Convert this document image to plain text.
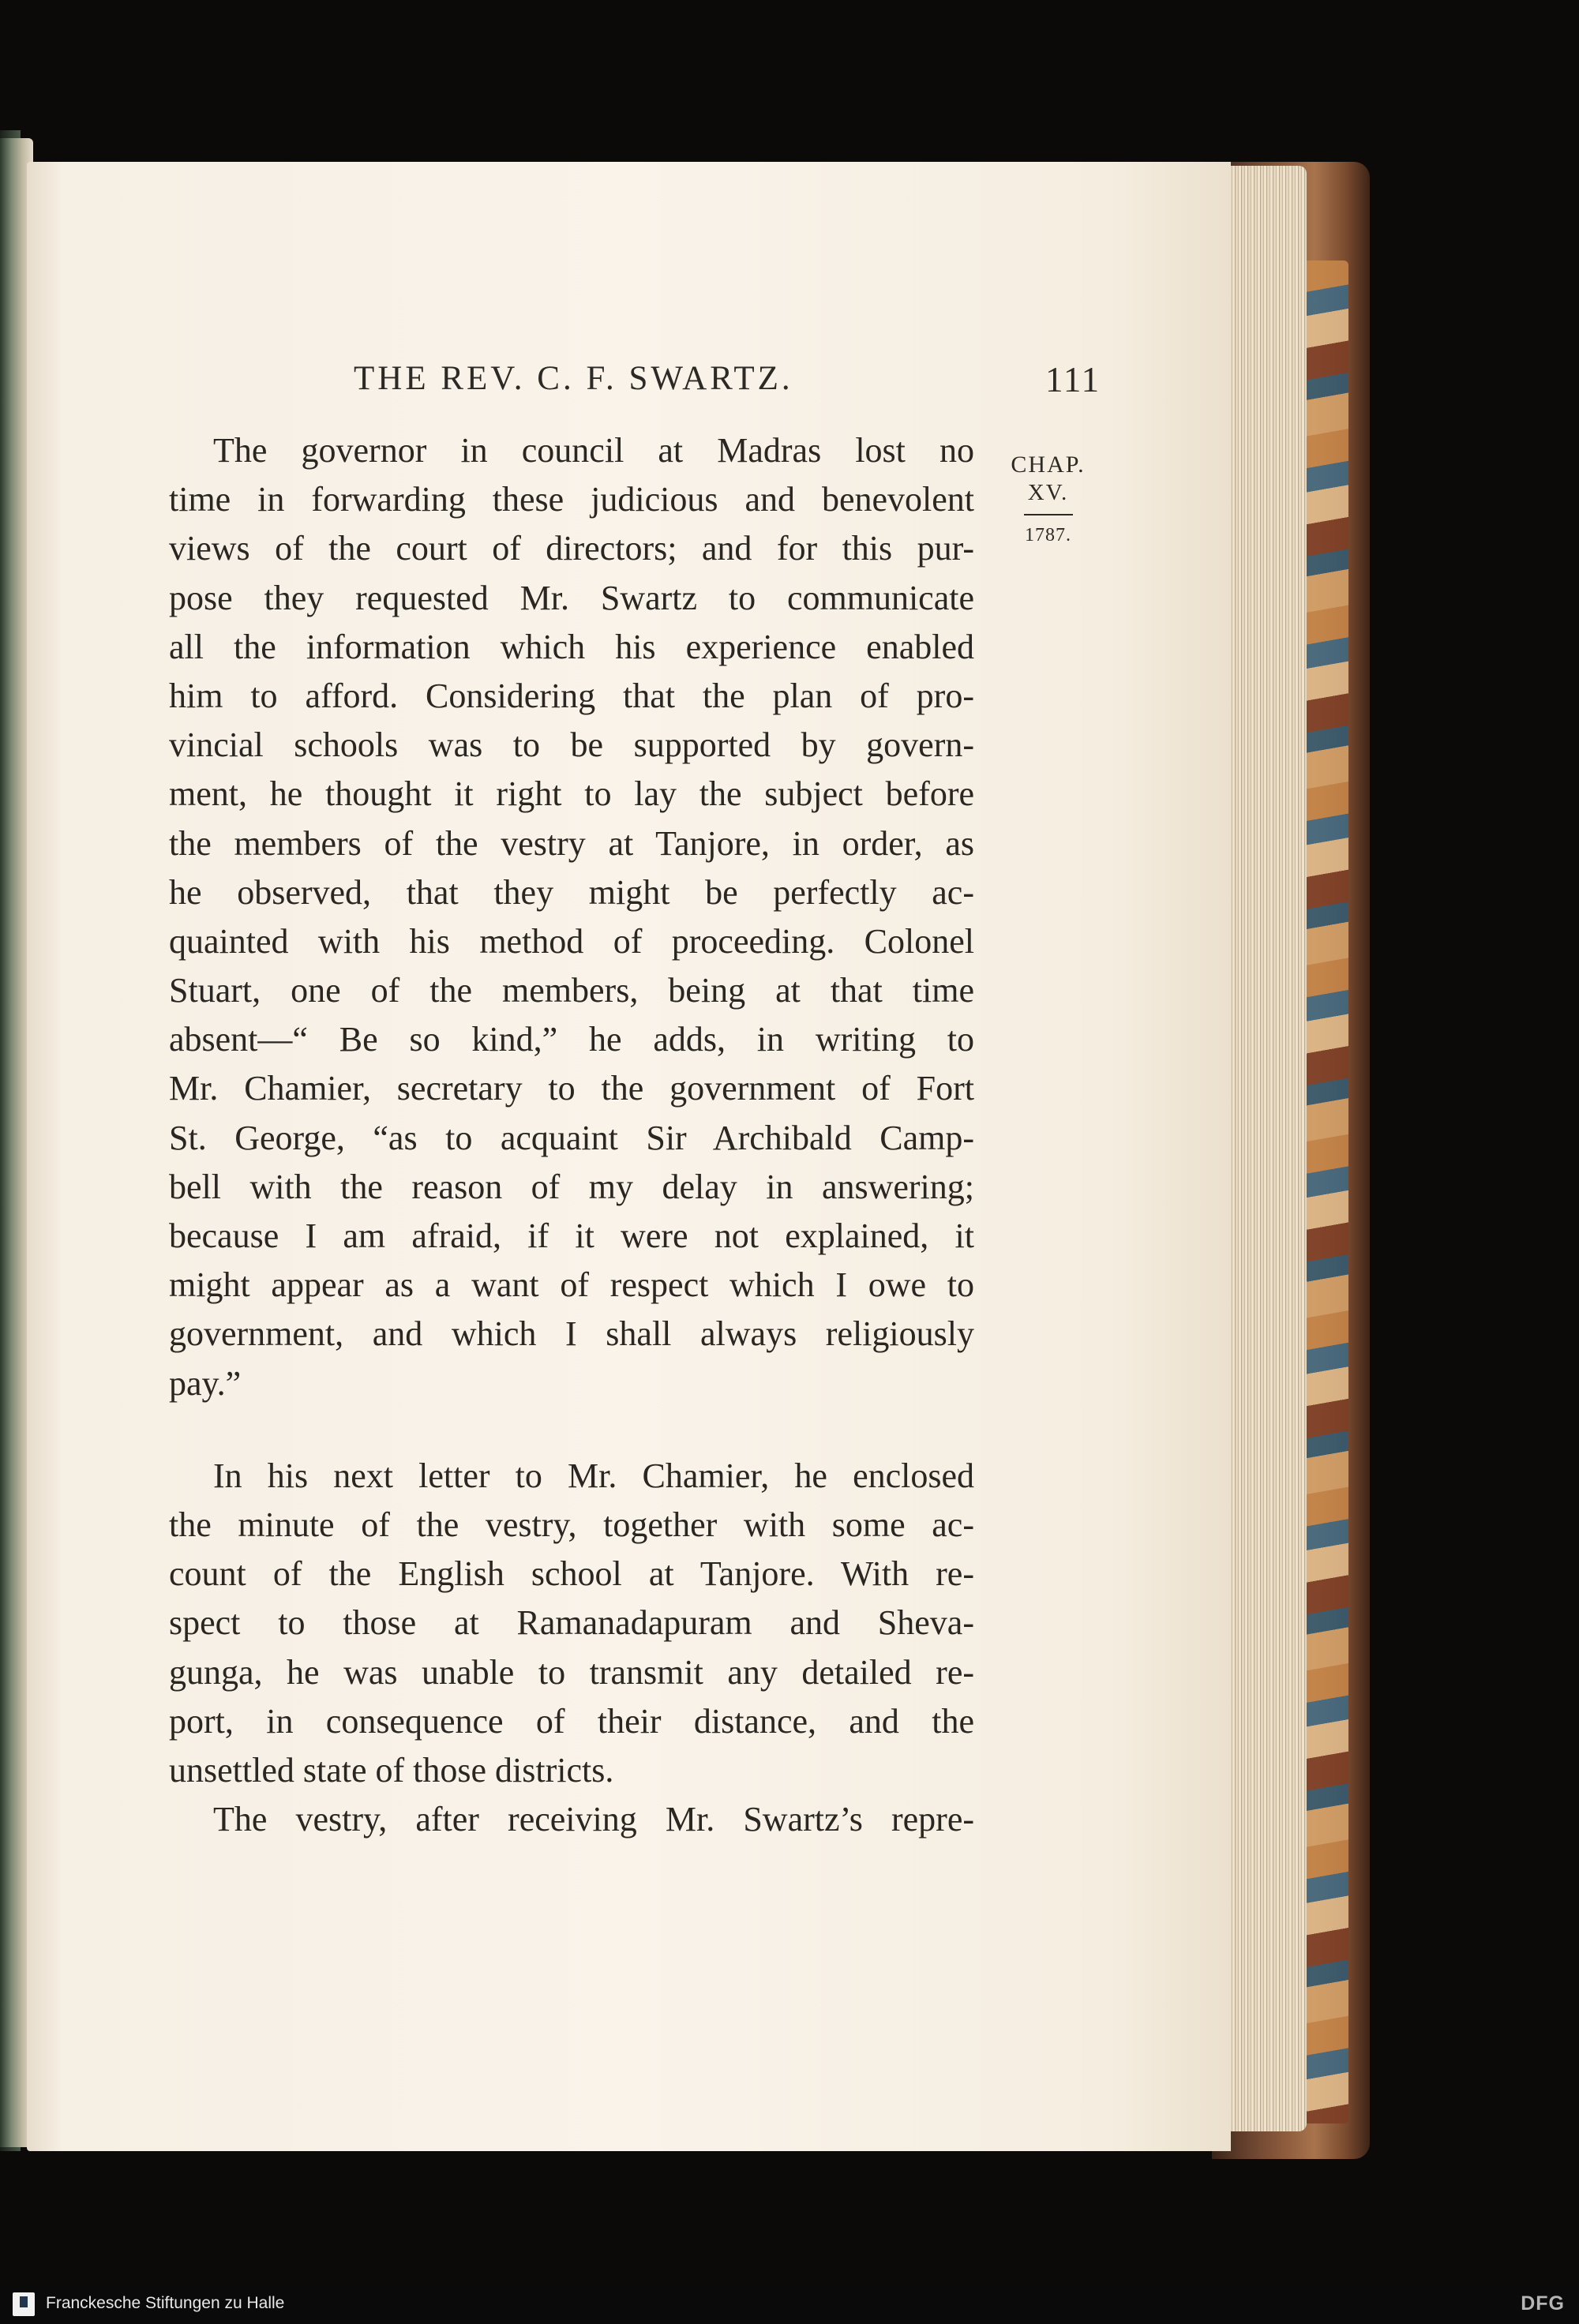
THE REV. C. F. SWARTZ.	111
CHAP.
XV.
1787.
The governor in council at Madras lost no
time in forwarding these judicious and benevolent
views of the court of directors; and for this pur-
pose they requested Mr. Swartz to communicate
all the information which his experience enabled
him to afford. Considering that the plan of pro-
vincial schools was to be supported by govern-
ment, he thought it right to lay the subject before
the members of the vestry at Tanjore, in order, as
he observed, that they might be perfectly ac-
quainted with his method of proceeding. Colonel
Stuart, one of the members, being at that time
absent—“ Be so kind,” he adds, in writing to
Mr. Chamier, secretary to the government of Fort
St. George, “as to acquaint Sir Archibald Camp-
bell with the reason of my delay in answering;
because I am afraid, if it were not explained, it
might appear as a want of respect which I owe to
government, and which I shall always religiously
pay.”
In his next letter to Mr. Chamier, he enclosed
the minute of the vestry, together with some ac-
count of the English school at Tanjore. With re-
spect to those at Ramanadapuram and Sheva-
gunga, he was unable to transmit any detailed re-
port, in consequence of their distance, and the
unsettled state of those districts.
The vestry, after receiving Mr. Swartz’s repre-
Franckesche Stiftungen zu Halle	DFG
